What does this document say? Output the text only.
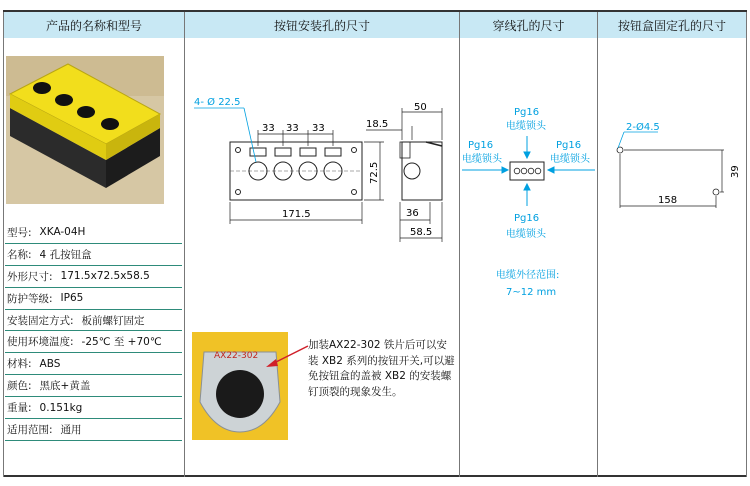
产品的名称和型号	按钮安装孔的尺寸	穿线孔的尺寸	按钮盒固定孔的尺寸
型号: XKA-04H
名称: 4 孔按钮盒
外形尺寸: 171.5x72.5x58.5
防护等级: IP65
安装固定方式: 板前螺钉固定
使用环境温度: -25℃ 至 +70℃
材料: ABS
颜色: 黑底+黄盖
重量: 0.151kg
适用范围: 通用
4- Ø 22.5
33 33 33
171.5
72.5
50
18.5
36
58.5
Pg16
电缆锁头
Pg16
电缆锁头
Pg16
电缆锁头
Pg16
电缆锁头
电缆外径范围:
7~12 mm
2-Ø4.5
158
39
AX22-302
加装AX22-302 铁片后可以安装 XB2 系列的按钮开关,可以避免按钮盒的盖被 XB2 的安装螺钉顶裂的现象发生。
